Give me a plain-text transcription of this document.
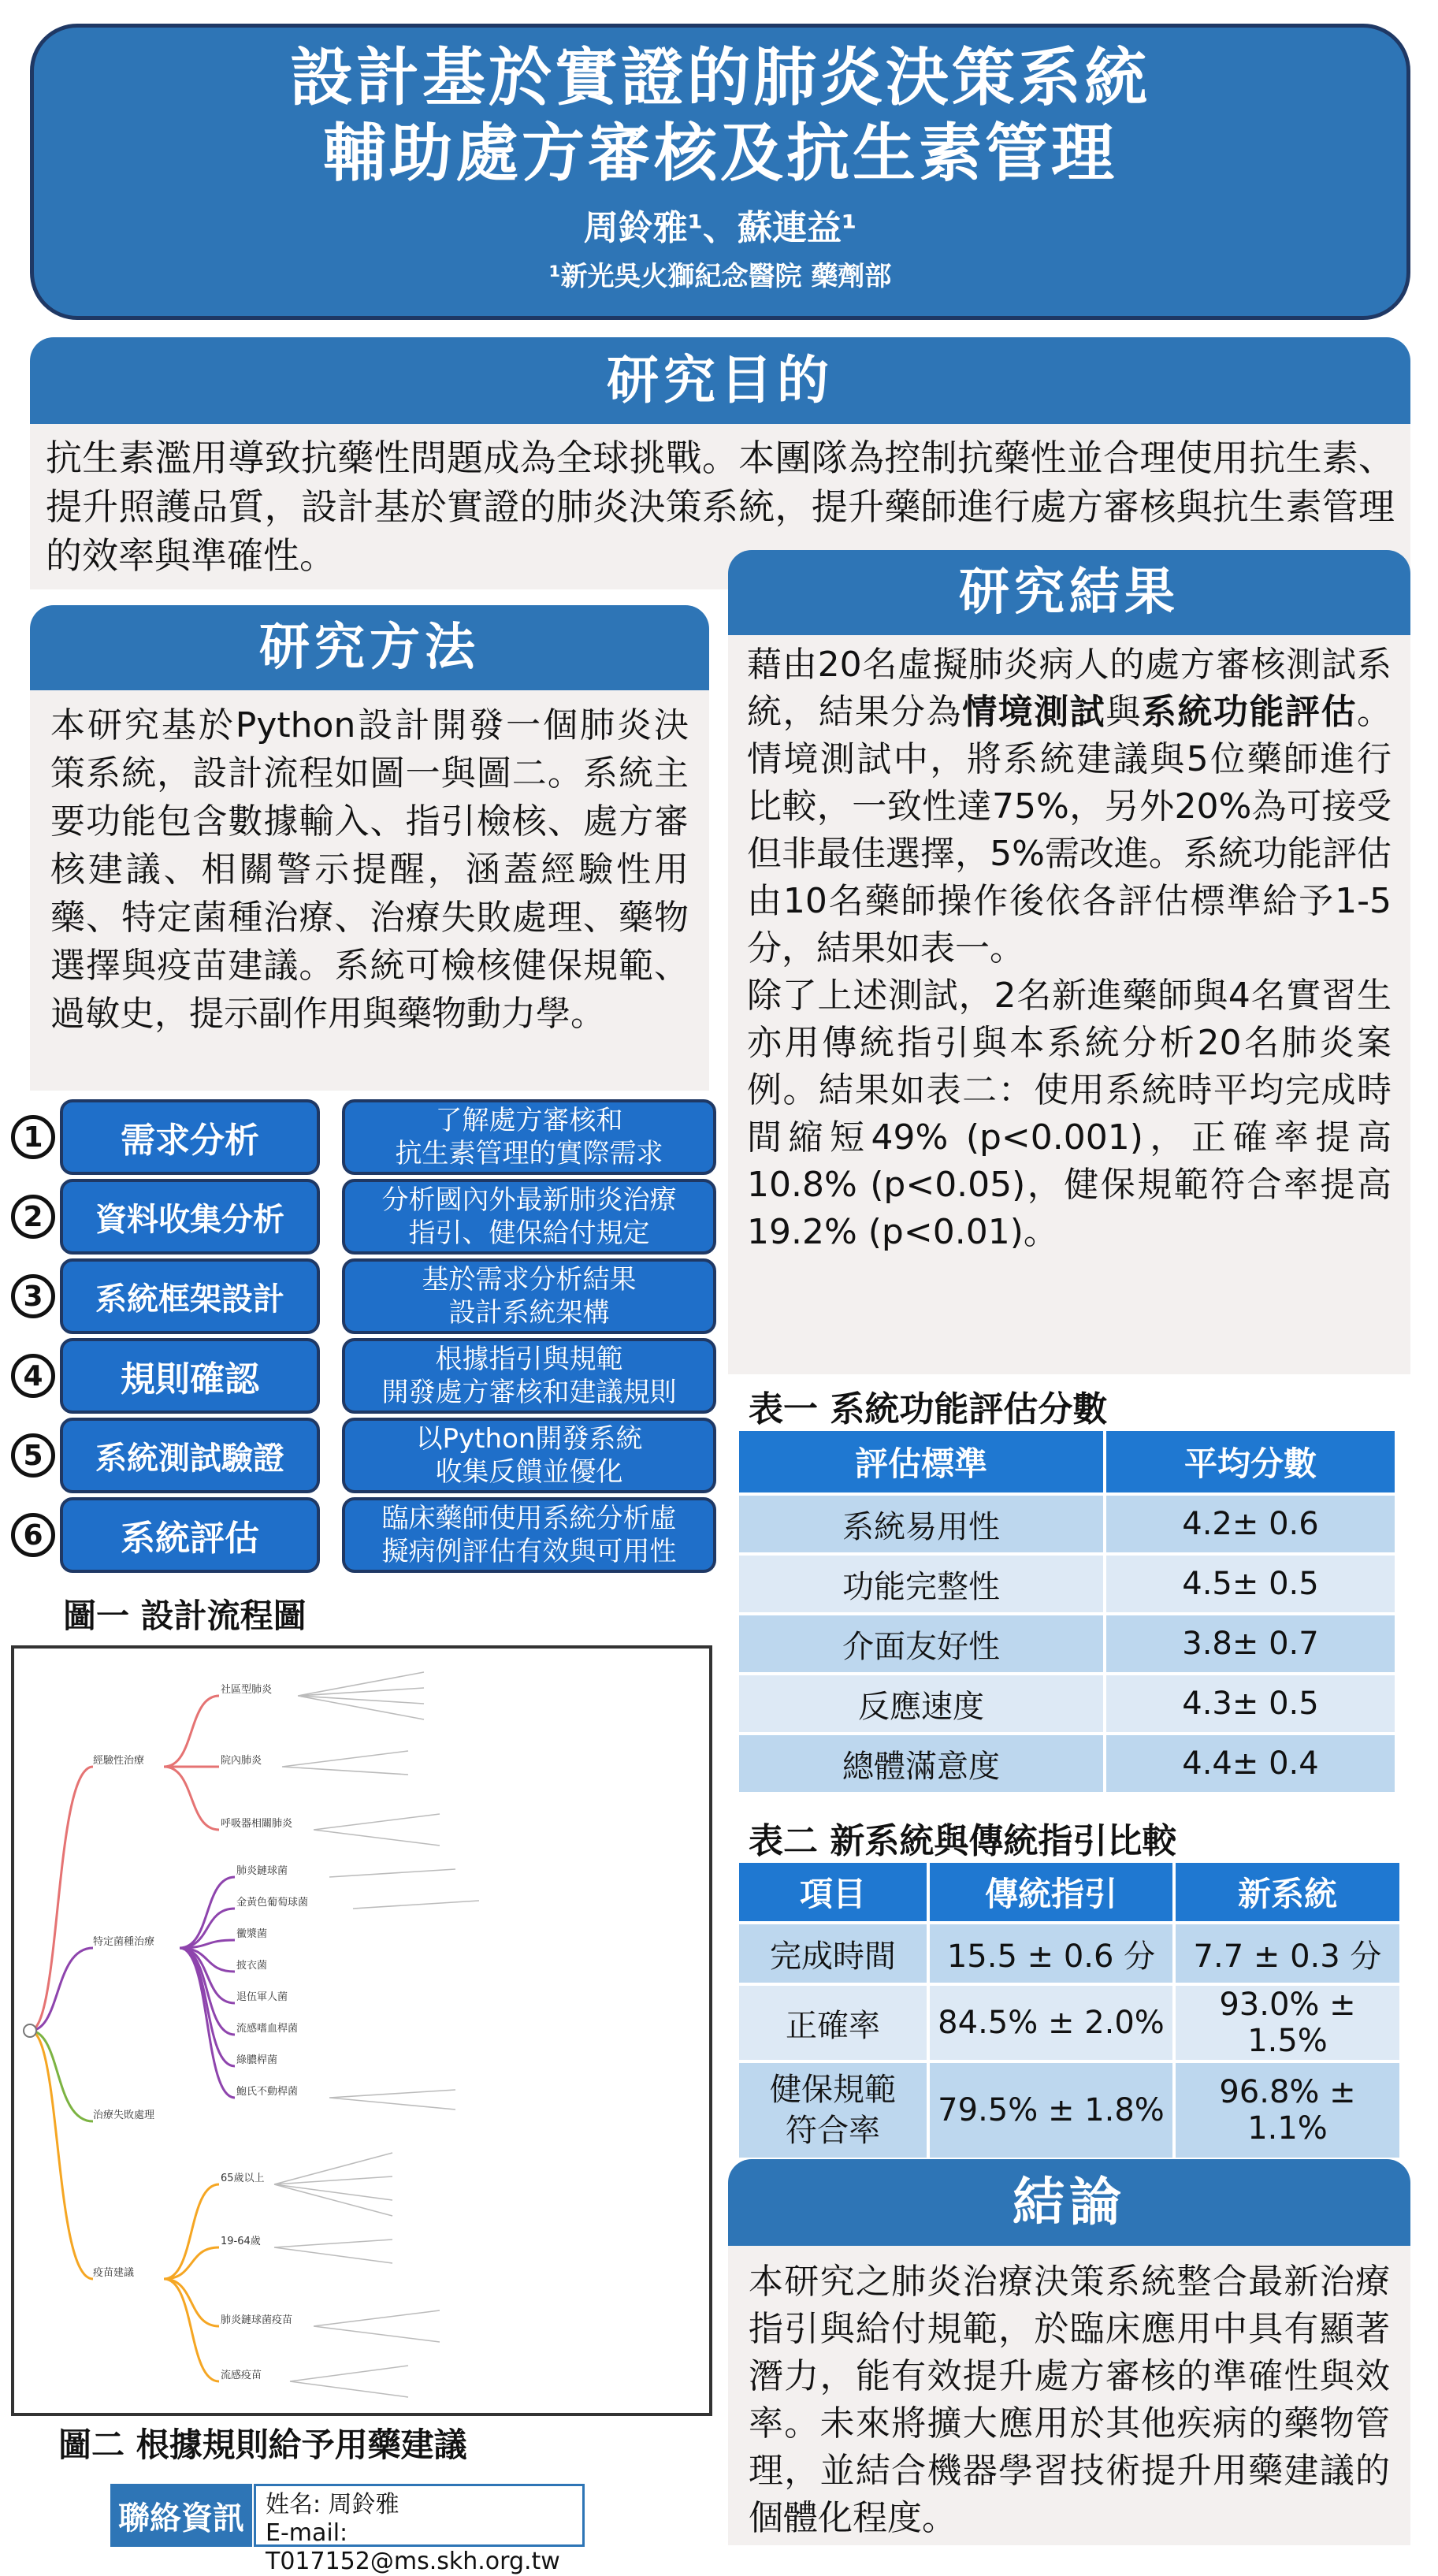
設計基於實證的肺炎決策系統
輔助處方審核及抗生素管理
周鈴雅¹、蘇連益¹
¹新光吳火獅紀念醫院 藥劑部
研究目的
抗生素濫用導致抗藥性問題成為全球挑戰。本團隊為控制抗藥性並合理使用抗生素、提升照護品質，設計基於實證的肺炎決策系統，提升藥師進行處方審核與抗生素管理的效率與準確性。
研究方法
本研究基於Python設計開發一個肺炎決策系統，設計流程如圖一與圖二。系統主要功能包含數據輸入、指引檢核、處方審核建議、相關警示提醒，涵蓋經驗性用藥、特定菌種治療、治療失敗處理、藥物選擇與疫苗建議。系統可檢核健保規範、過敏史，提示副作用與藥物動力學。
1	需求分析	了解處方審核和
抗生素管理的實際需求
2	資料收集分析
分析國內外最新肺炎治療
指引、健保給付規定
3	系統框架設計
基於需求分析結果
設計系統架構
4	規則確認	根據指引與規範
開發處方審核和建議規則
5	系統測試驗證
以Python開發系統
收集反饋並優化
6	系統評估	臨床藥師使用系統分析虛
擬病例評估有效與可用性
圖一 設計流程圖
經驗性治療
特定菌種治療
治療失敗處理
疫苗建議
社區型肺炎
院內肺炎
呼吸器相關肺炎
肺炎鏈球菌
金黃色葡萄球菌
黴漿菌
披衣菌
退伍軍人菌
流感嗜血桿菌
綠膿桿菌
鮑氏不動桿菌
65歲以上
19-64歲
肺炎鏈球菌疫苗
流感疫苗
圖二 根據規則給予用藥建議
聯絡資訊 姓名: 周鈴雅
E-mail: T017152@ms.skh.org.tw
研究結果
藉由20名虛擬肺炎病人的處方審核測試系統，結果分為情境測試與系統功能評估。情境測試中，將系統建議與5位藥師進行比較，一致性達75%，另外20%為可接受但非最佳選擇，5%需改進。系統功能評估由10名藥師操作後依各評估標準給予1-5分，結果如表一。
除了上述測試，2名新進藥師與4名實習生亦用傳統指引與本系統分析20名肺炎案例。結果如表二：使用系統時平均完成時間縮短49% (p<0.001)，正確率提高10.8% (p<0.05)，健保規範符合率提高19.2% (p<0.01)。
表一 系統功能評估分數
評估標準	平均分數
系統易用性	4.2± 0.6
功能完整性	4.5± 0.5
介面友好性	3.8± 0.7
反應速度	4.3± 0.5
總體滿意度	4.4± 0.4
表二 新系統與傳統指引比較
項目	傳統指引	新系統
完成時間	15.5 ± 0.6 分	7.7 ± 0.3 分
正確率	84.5% ± 2.0%	93.0% ± 1.5%
健保規範符合率	79.5% ± 1.8%	96.8% ± 1.1%
結論
本研究之肺炎治療決策系統整合最新治療指引與給付規範，於臨床應用中具有顯著潛力，能有效提升處方審核的準確性與效率。未來將擴大應用於其他疾病的藥物管理，並結合機器學習技術提升用藥建議的個體化程度。
